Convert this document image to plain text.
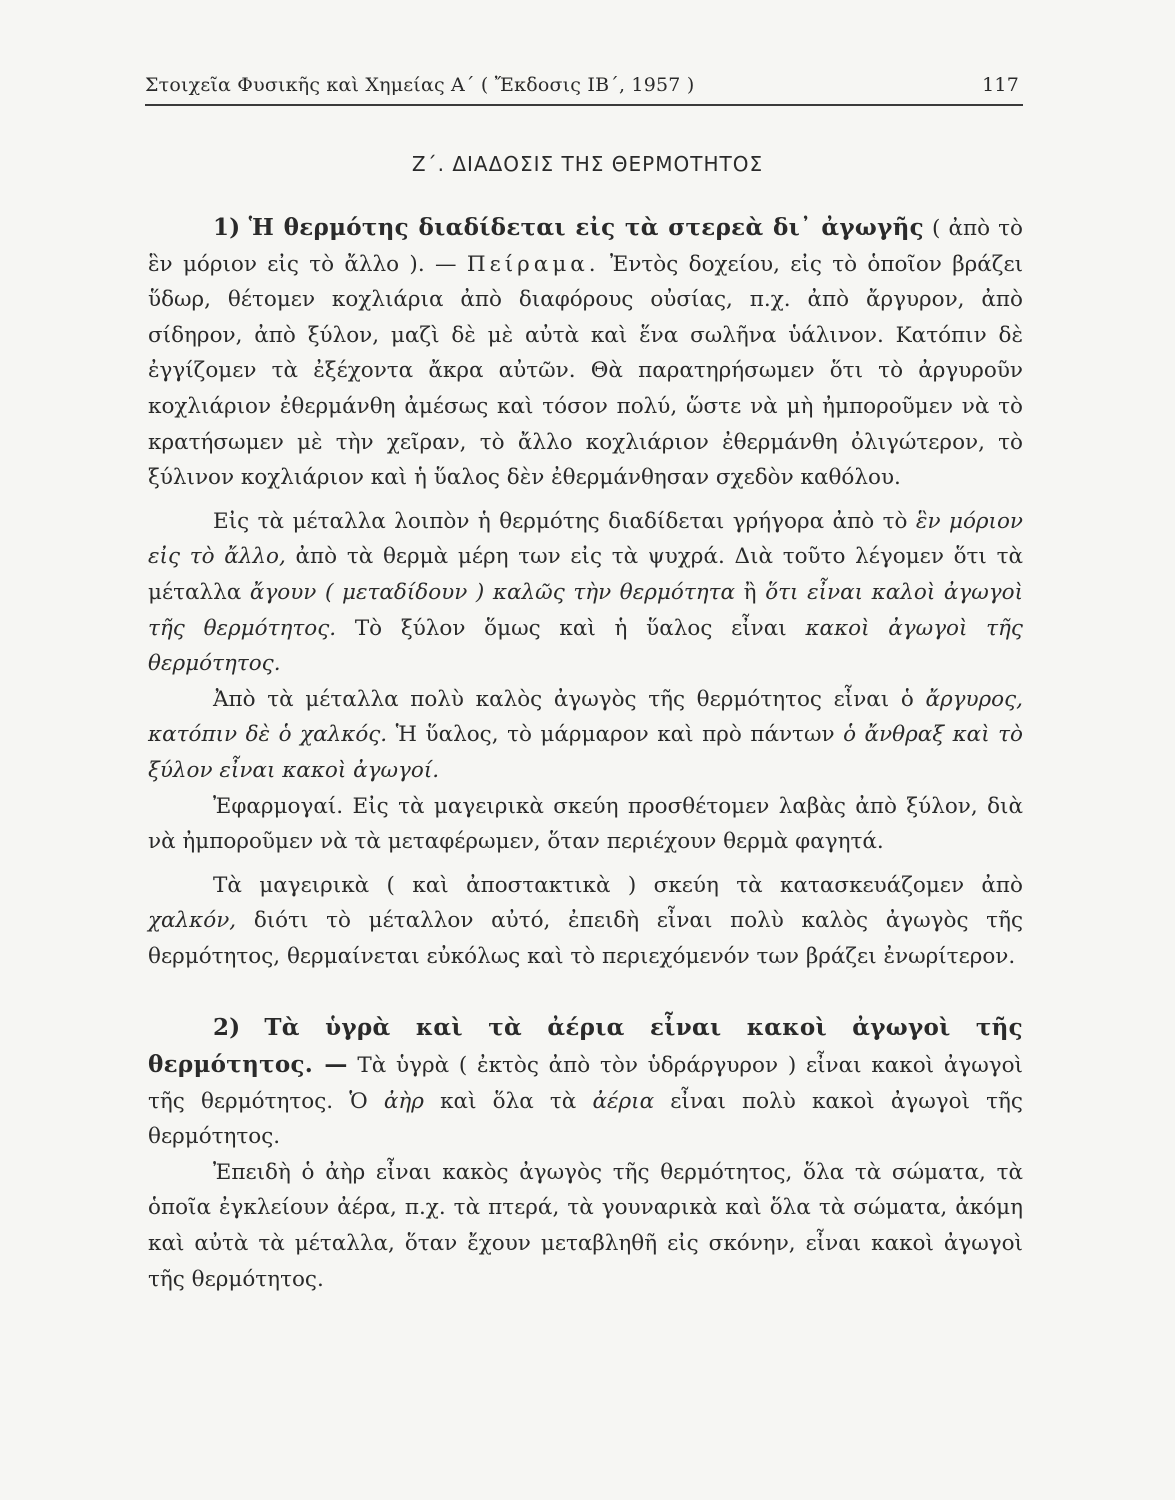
Στοιχεῖα Φυσικῆς καὶ Χημείας Α΄ ( Ἔκδοσις ΙΒ΄, 1957 )	117
Ζ΄. ΔΙΑΔΟΣΙΣ ΤΗΣ ΘΕΡΜΟΤΗΤΟΣ

1) Ἡ θερμότης διαδίδεται εἰς τὰ στερεὰ δι᾽ ἀγωγῆς ( ἀπὸ τὸ ἓν μόριον εἰς τὸ ἄλλο ). — Πείραμα. Ἐντὸς δοχείου, εἰς τὸ ὁποῖον βράζει ὕδωρ, θέτομεν κοχλιάρια ἀπὸ διαφόρους οὐσίας, π.χ. ἀπὸ ἄργυρον, ἀπὸ σίδηρον, ἀπὸ ξύλον, μαζὶ δὲ μὲ αὐτὰ καὶ ἕνα σωλῆνα ὑάλινον. Κατόπιν δὲ ἐγγίζομεν τὰ ἐξέχοντα ἄκρα αὐτῶν. Θὰ παρατηρήσωμεν ὅτι τὸ ἀργυροῦν κοχλιάριον ἐθερμάνθη ἀμέσως καὶ τόσον πολύ, ὥστε νὰ μὴ ἠμποροῦμεν νὰ τὸ κρατήσωμεν μὲ τὴν χεῖραν, τὸ ἄλλο κοχλιάριον ἐθερμάνθη ὀλιγώτερον, τὸ ξύλινον κοχλιάριον καὶ ἡ ὕαλος δὲν ἐθερμάνθησαν σχεδὸν καθόλου.

Εἰς τὰ μέταλλα λοιπὸν ἡ θερμότης διαδίδεται γρήγορα ἀπὸ τὸ ἓν μόριον εἰς τὸ ἄλλο, ἀπὸ τὰ θερμὰ μέρη των εἰς τὰ ψυχρά. Διὰ τοῦτο λέγομεν ὅτι τὰ μέταλλα ἄγουν ( μεταδίδουν ) καλῶς τὴν θερμότητα ἢ ὅτι εἶναι καλοὶ ἀγωγοὶ τῆς θερμότητος. Τὸ ξύλον ὅμως καὶ ἡ ὕαλος εἶναι κακοὶ ἀγωγοὶ τῆς θερμότητος.

Ἀπὸ τὰ μέταλλα πολὺ καλὸς ἀγωγὸς τῆς θερμότητος εἶναι ὁ ἄργυρος, κατόπιν δὲ ὁ χαλκός. Ἡ ὕαλος, τὸ μάρμαρον καὶ πρὸ πάντων ὁ ἄνθραξ καὶ τὸ ξύλον εἶναι κακοὶ ἀγωγοί.

Ἐφαρμογαί. Εἰς τὰ μαγειρικὰ σκεύη προσθέτομεν λαβὰς ἀπὸ ξύλον, διὰ νὰ ἠμποροῦμεν νὰ τὰ μεταφέρωμεν, ὅταν περιέχουν θερμὰ φαγητά.

Τὰ μαγειρικὰ ( καὶ ἀποστακτικὰ ) σκεύη τὰ κατασκευάζομεν ἀπὸ χαλκόν, διότι τὸ μέταλλον αὐτό, ἐπειδὴ εἶναι πολὺ καλὸς ἀγωγὸς τῆς θερμότητος, θερμαίνεται εὐκόλως καὶ τὸ περιεχόμενόν των βράζει ἐνωρίτερον.

2) Τὰ ὑγρὰ καὶ τὰ ἀέρια εἶναι κακοὶ ἀγωγοὶ τῆς θερμότητος. — Τὰ ὑγρὰ ( ἐκτὸς ἀπὸ τὸν ὑδράργυρον ) εἶναι κακοὶ ἀγωγοὶ τῆς θερμότητος. Ὁ ἀὴρ καὶ ὅλα τὰ ἀέρια εἶναι πολὺ κακοὶ ἀγωγοὶ τῆς θερμότητος.

Ἐπειδὴ ὁ ἀὴρ εἶναι κακὸς ἀγωγὸς τῆς θερμότητος, ὅλα τὰ σώματα, τὰ ὁποῖα ἐγκλείουν ἀέρα, π.χ. τὰ πτερά, τὰ γουναρικὰ καὶ ὅλα τὰ σώματα, ἀκόμη καὶ αὐτὰ τὰ μέταλλα, ὅταν ἔχουν μεταβληθῆ εἰς σκόνην, εἶναι κακοὶ ἀγωγοὶ τῆς θερμότητος.
